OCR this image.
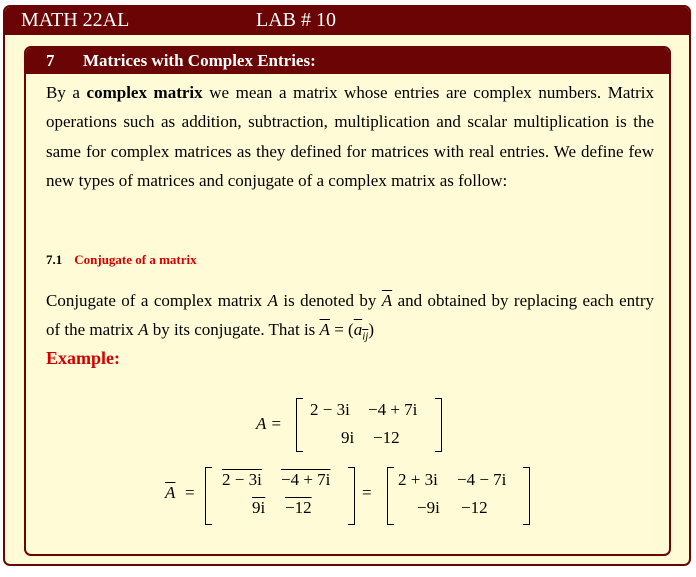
MATH 22AL	LAB # 10
7 Matrices with Complex Entries:

By a complex matrix we mean a matrix whose entries are complex numbers. Matrix operations such as addition, subtraction, multiplication and scalar multiplication is the same for complex matrices as they defined for matrices with real entries. We define few new types of matrices and conjugate of a complex matrix as follow:

7.1 Conjugate of a matrix

Conjugate of a complex matrix A is denoted by $\overline{A}$ and obtained by replacing each entry of the matrix A by its conjugate. That is $\overline{A} = (a_{ij})$

Example:
A =
2 − 3i −4 + 7i
9i −12
$\overline{A}$ =
2 − 3i −4 + 7i
9i −12
=
2 + 3i −4 − 7i
−9i −12
